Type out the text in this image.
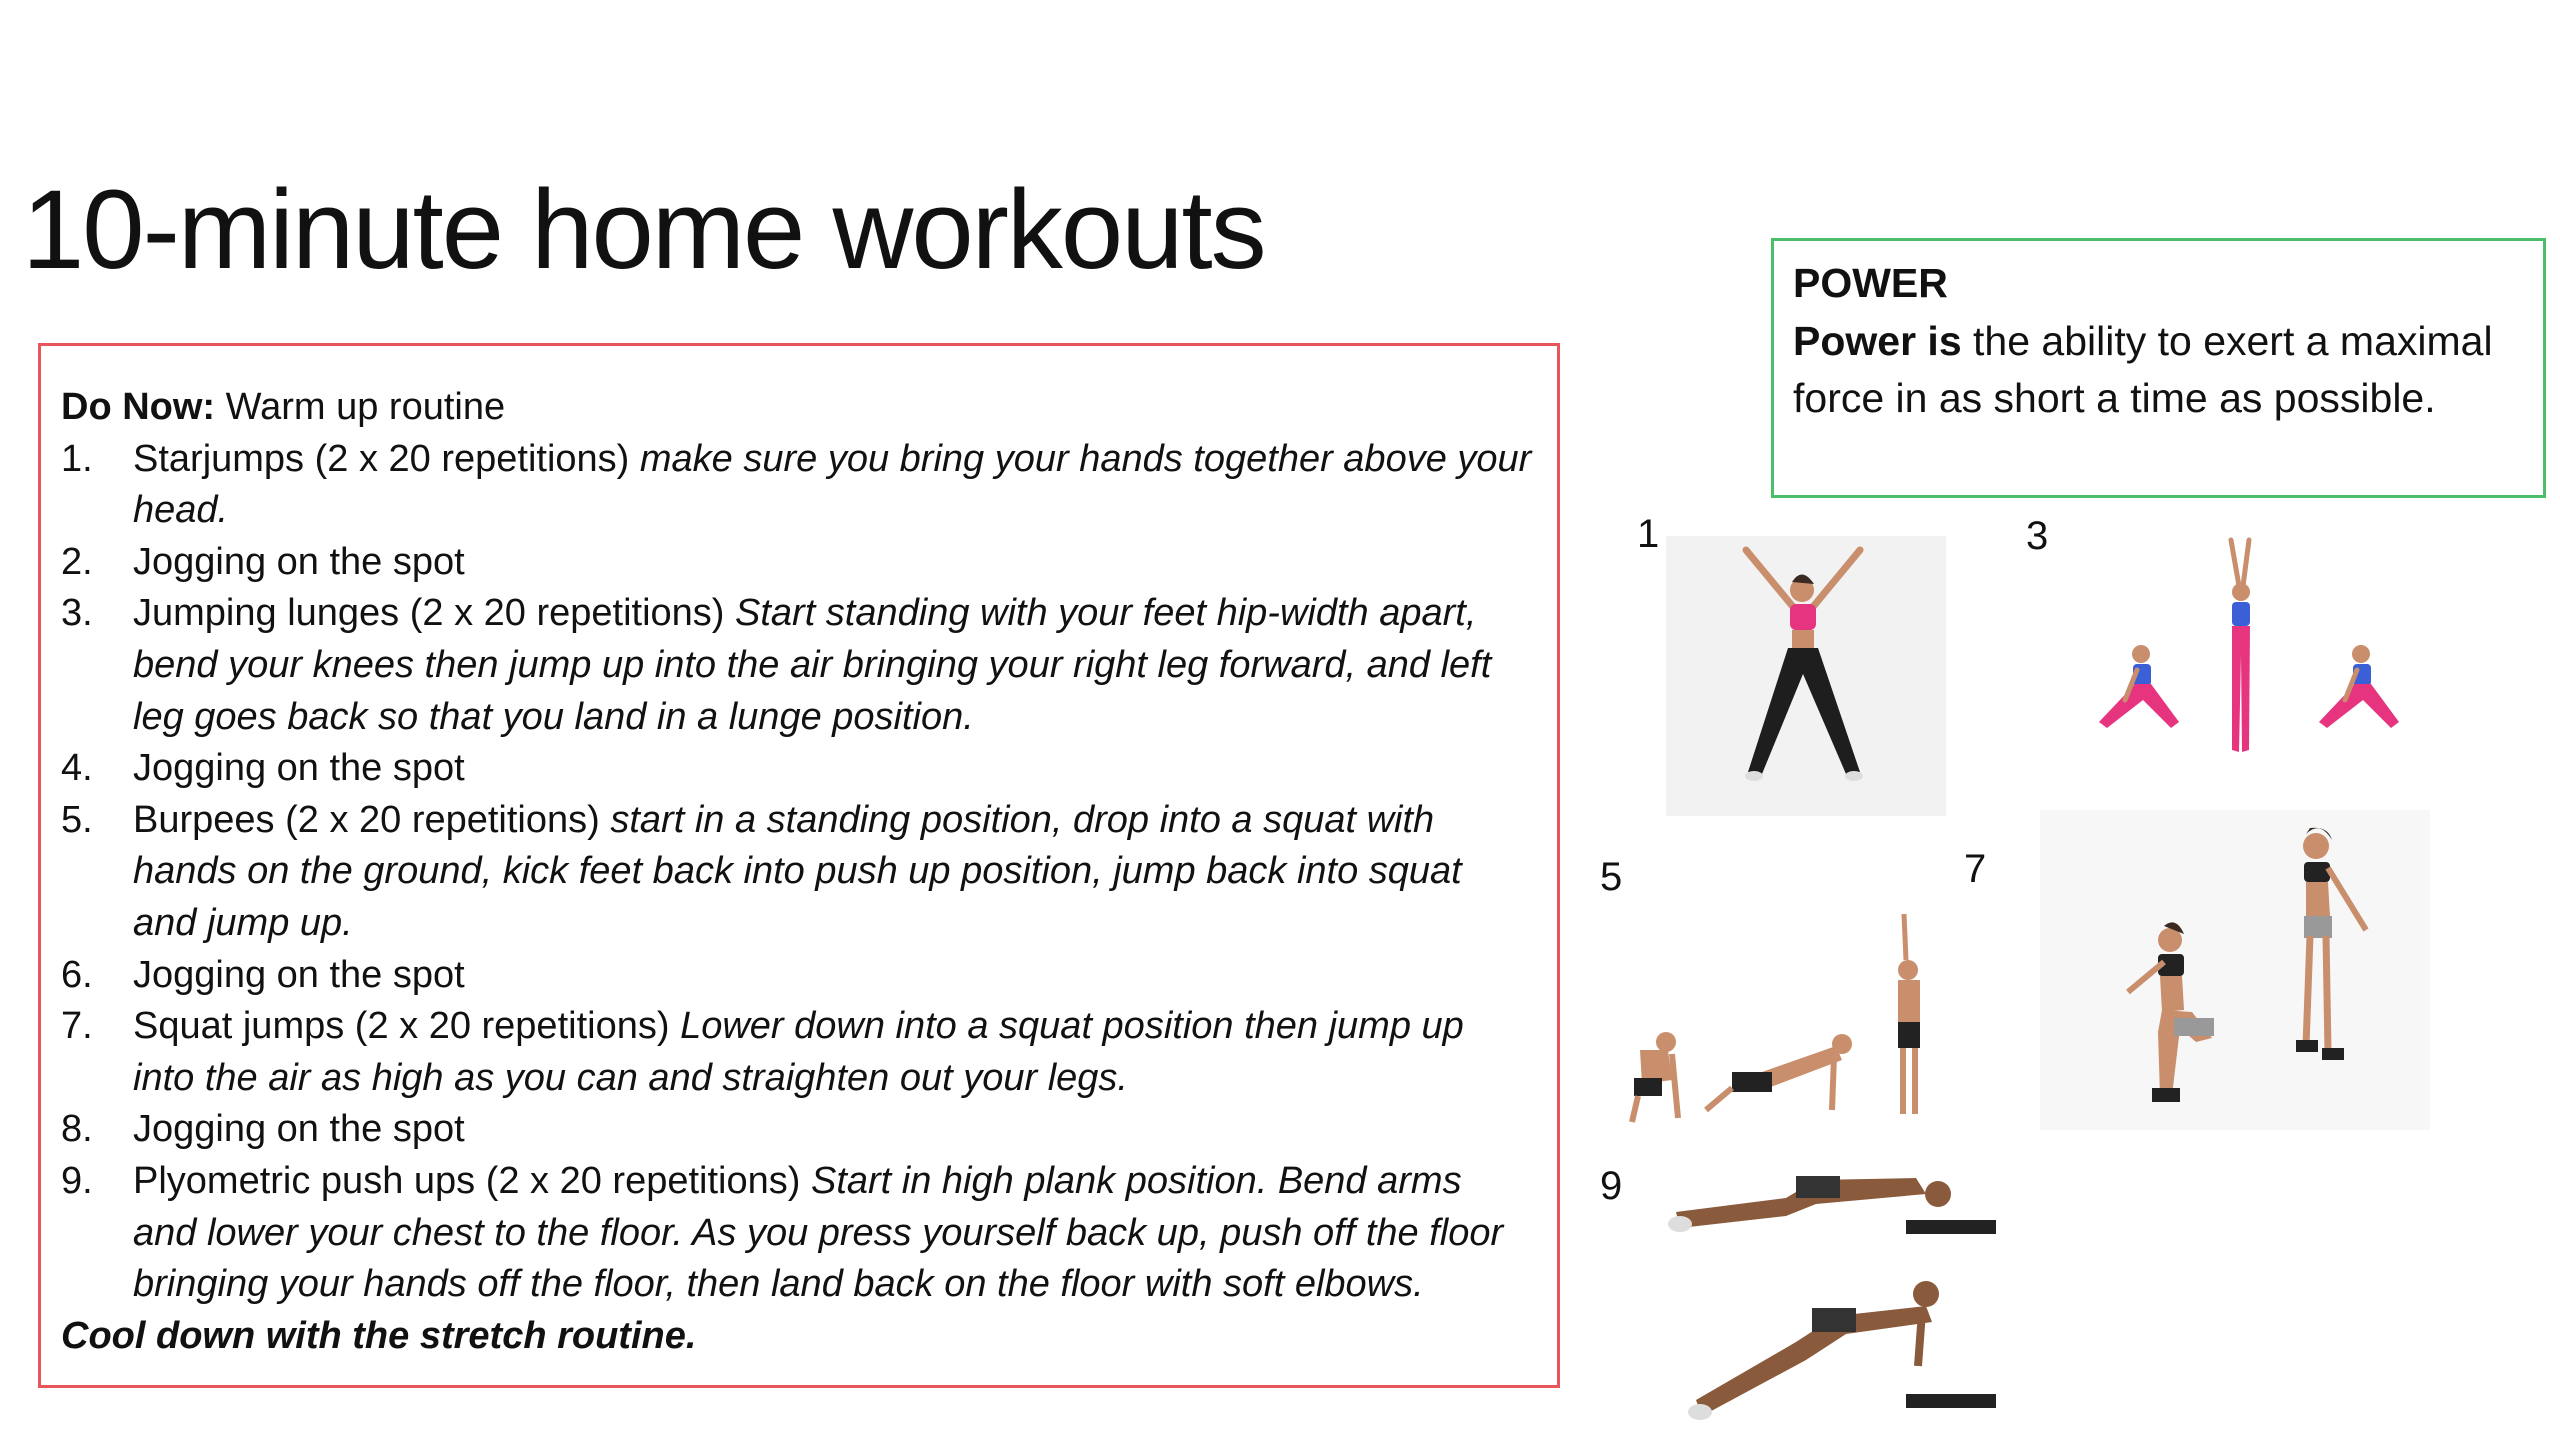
10-minute home workouts
Do Now: Warm up routine
1. Starjumps (2 x 20 repetitions) make sure you bring your hands together above your head.
2. Jogging on the spot
3. Jumping lunges (2 x 20 repetitions) Start standing with your feet hip-width apart, bend your knees then jump up into the air bringing your right leg forward, and left leg goes back so that you land in a lunge position.
4. Jogging on the spot
5. Burpees (2 x 20 repetitions) start in a standing position, drop into a squat with hands on the ground, kick feet back into push up position, jump back into squat and jump up.
6. Jogging on the spot
7. Squat jumps (2 x 20 repetitions) Lower down into a squat position then jump up into the air as high as you can and straighten out your legs.
8. Jogging on the spot
9. Plyometric push ups (2 x 20 repetitions) Start in high plank position. Bend arms and lower your chest to the floor. As you press yourself back up, push off the floor bringing your hands off the floor, then land back on the floor with soft elbows.
Cool down with the stretch routine.
POWER
Power is the ability to exert a maximal force in as short a time as possible.
1	3
5	7
9
